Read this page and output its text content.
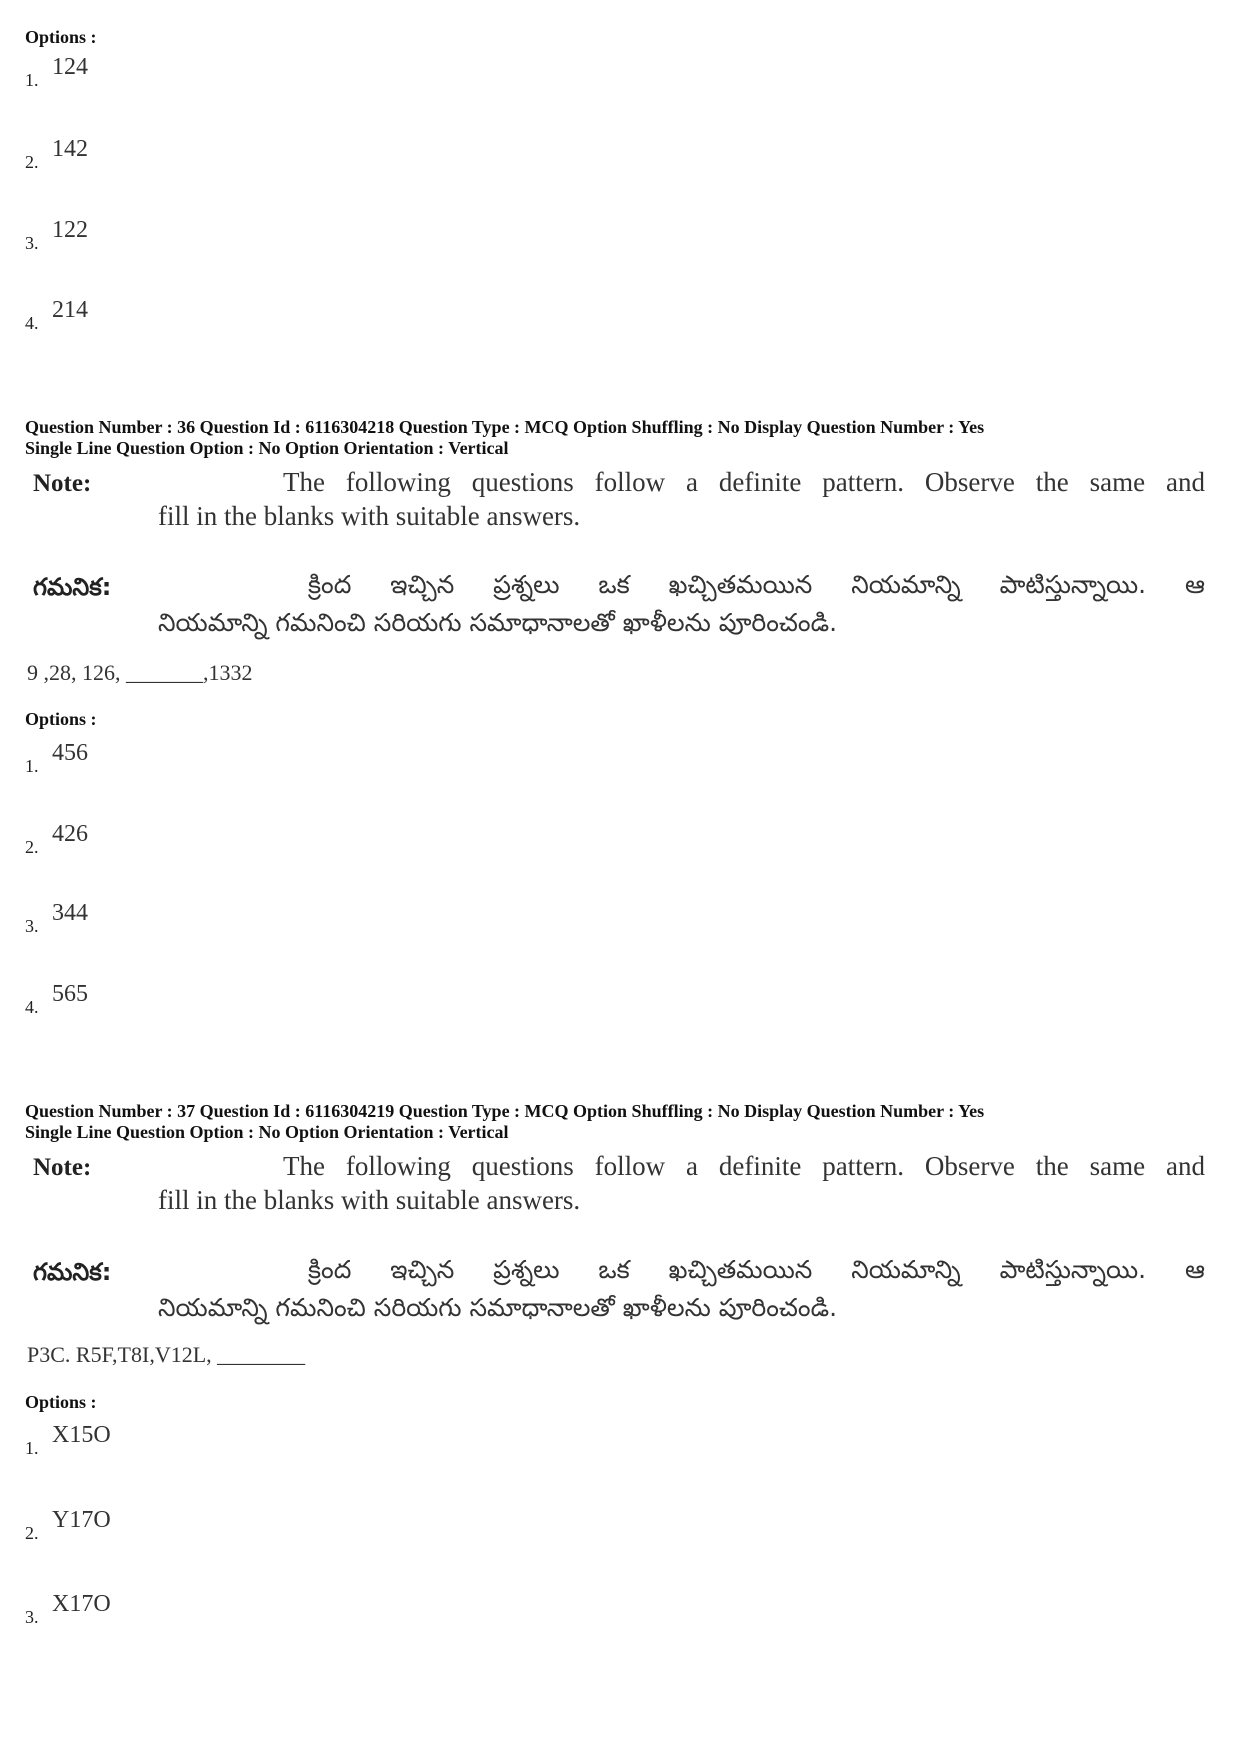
Options :
1. 124
2. 142
3. 122
4. 214
Question Number : 36 Question Id : 6116304218 Question Type : MCQ Option Shuffling : No Display Question Number : Yes
Single Line Question Option : No Option Orientation : Vertical
Note:	The following questions follow a definite pattern. Observe the same and
fill in the blanks with suitable answers.
గమనిక:	క్రింద ఇచ్చిన ప్రశ్నలు ఒక ఖచ్చితమయిన నియమాన్ని పాటిస్తున్నాయి. ఆ
నియమాన్ని గమనించి సరియగు సమాధానాలతో ఖాళీలను పూరించండి.
9 ,28, 126, _______,1332
Options :
1. 456
2. 426
3. 344
4. 565
Question Number : 37 Question Id : 6116304219 Question Type : MCQ Option Shuffling : No Display Question Number : Yes
Single Line Question Option : No Option Orientation : Vertical
Note:	The following questions follow a definite pattern. Observe the same and
fill in the blanks with suitable answers.
గమనిక:	క్రింద ఇచ్చిన ప్రశ్నలు ఒక ఖచ్చితమయిన నియమాన్ని పాటిస్తున్నాయి. ఆ
నియమాన్ని గమనించి సరియగు సమాధానాలతో ఖాళీలను పూరించండి.
P3C. R5F,T8I,V12L, ________
Options :
1. X15O
2. Y17O
3. X17O
